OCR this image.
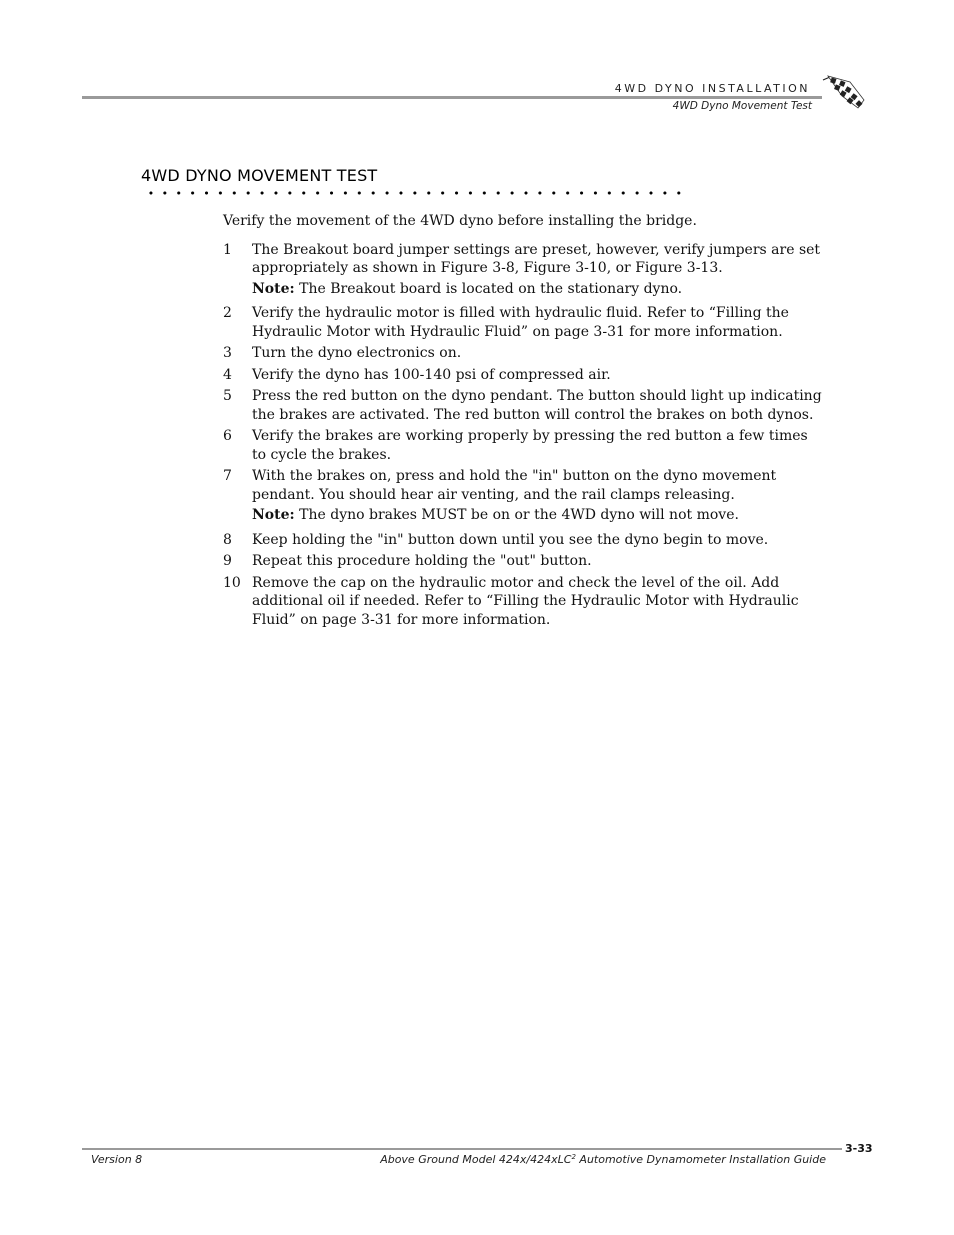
4WD DYNO INSTALLATION
4WD Dyno Movement Test
4WD DYNO MOVEMENT TEST

Verify the movement of the 4WD dyno before installing the bridge.

1 The Breakout board jumper settings are preset, however, verify jumpers are set appropriately as shown in Figure 3-8, Figure 3-10, or Figure 3-13.
Note: The Breakout board is located on the stationary dyno.
2 Verify the hydraulic motor is filled with hydraulic fluid. Refer to “Filling the Hydraulic Motor with Hydraulic Fluid” on page 3-31 for more information.
3 Turn the dyno electronics on.
4 Verify the dyno has 100-140 psi of compressed air.
5 Press the red button on the dyno pendant. The button should light up indicating the brakes are activated. The red button will control the brakes on both dynos.
6 Verify the brakes are working properly by pressing the red button a few times to cycle the brakes.
7 With the brakes on, press and hold the "in" button on the dyno movement pendant. You should hear air venting, and the rail clamps releasing.
Note: The dyno brakes MUST be on or the 4WD dyno will not move.
8 Keep holding the "in" button down until you see the dyno begin to move.
9 Repeat this procedure holding the "out" button.
10 Remove the cap on the hydraulic motor and check the level of the oil. Add additional oil if needed. Refer to “Filling the Hydraulic Motor with Hydraulic Fluid” on page 3-31 for more information.
3-33
Version 8	Above Ground Model 424x/424xLC$^2$ Automotive Dynamometer Installation Guide
